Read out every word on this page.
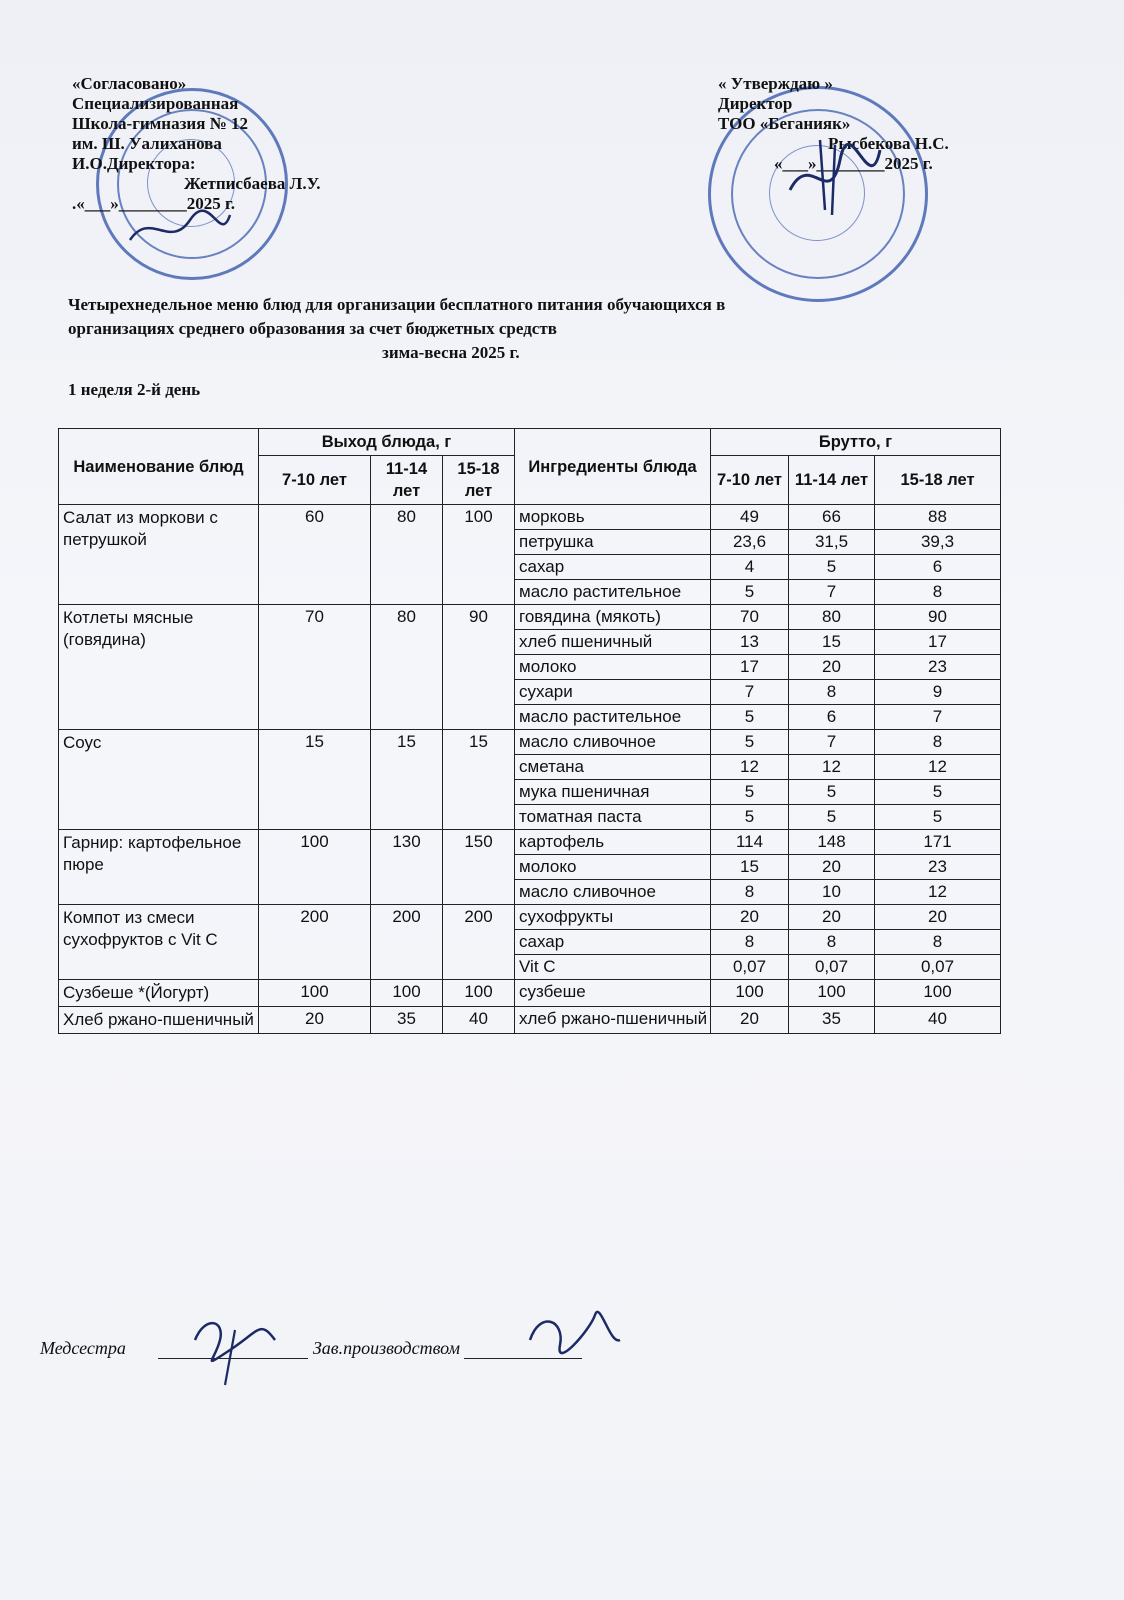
«Согласовано»
Специализированная
Школа-гимназия № 12
им. Ш. Уалиханова
И.О.Директора:
Жетписбаева Л.У.
.«___»________2025 г.
« Утверждаю »
Директор
ТОО «Беганияк»
Рысбекова Н.С.
«___»________2025 г.
Четырехнедельное меню блюд для организации бесплатного питания обучающихся в
организациях среднего образования за счет бюджетных средств
зима-весна 2025 г.
1 неделя 2-й день
Наименование блюд	Выход блюда, г			Ингредиенты блюда	Брутто, г		
	7-10 лет	11-14 лет	15-18 лет		7-10 лет	11-14 лет	15-18 лет
Салат из моркови с петрушкой	60	80	100	морковь	49	66	88
				петрушка	23,6	31,5	39,3
				сахар	4	5	6
				масло растительное	5	7	8
Котлеты мясные (говядина)	70	80	90	говядина (мякоть)	70	80	90
				хлеб пшеничный	13	15	17
				молоко	17	20	23
				сухари	7	8	9
				масло растительное	5	6	7
Соус	15	15	15	масло сливочное	5	7	8
				сметана	12	12	12
				мука пшеничная	5	5	5
				томатная паста	5	5	5
Гарнир: картофельное пюре	100	130	150	картофель	114	148	171
				молоко	15	20	23
				масло сливочное	8	10	12
Компот из смеси сухофруктов с Vit C	200	200	200	сухофрукты	20	20	20
				сахар	8	8	8
				Vit C	0,07	0,07	0,07
Сузбеше *(Йогурт)	100	100	100	сузбеше	100	100	100
Хлеб ржано-пшеничный	20	35	40	хлеб ржано-пшеничный	20	35	40
Медсестра	Зав.производством
